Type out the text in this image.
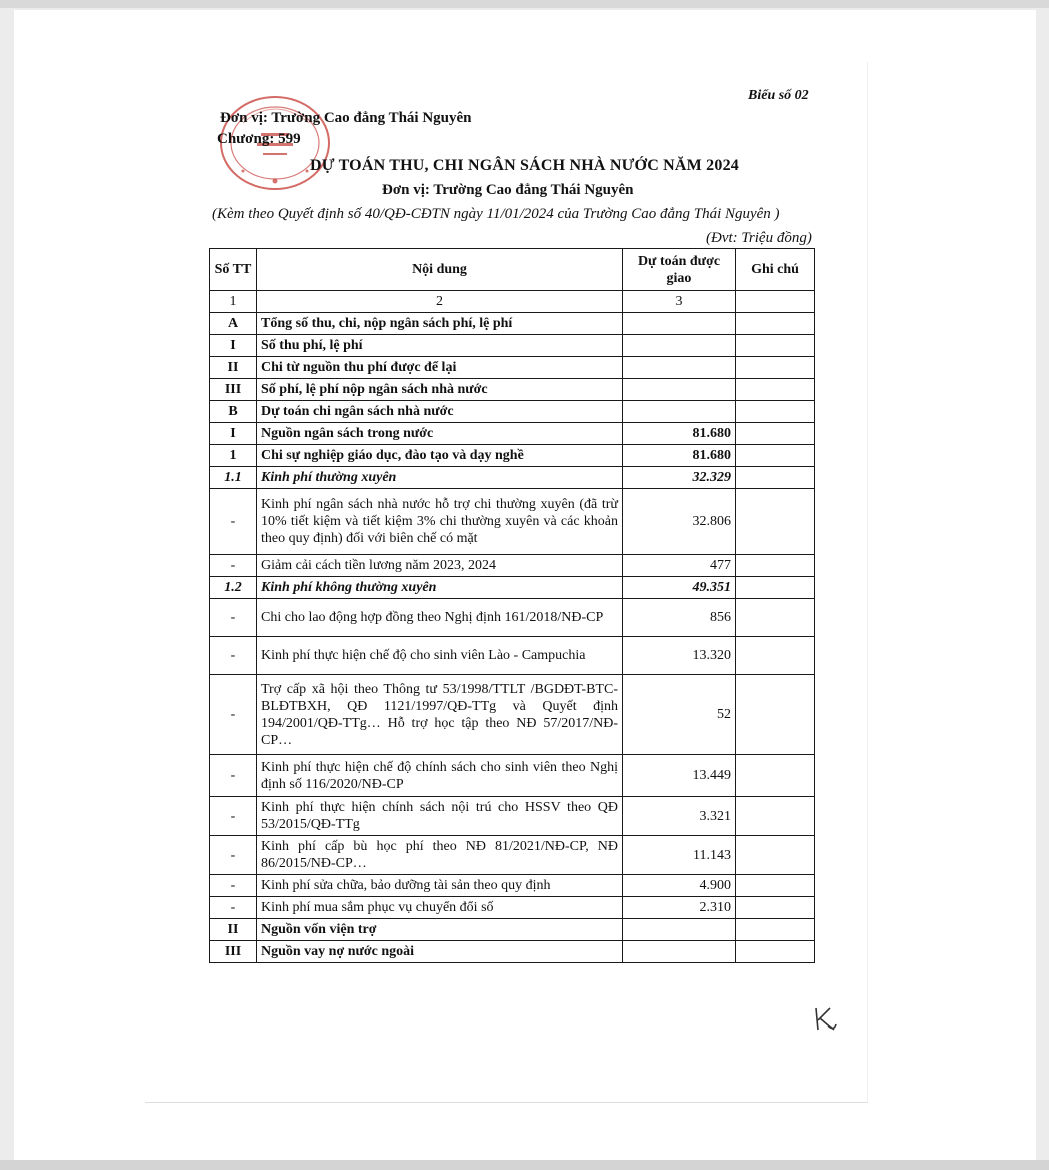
Biểu số 02
Đơn vị: Trường Cao đẳng Thái Nguyên
Chương: 599
DỰ TOÁN THU, CHI NGÂN SÁCH NHÀ NƯỚC NĂM 2024
Đơn vị: Trường Cao đẳng Thái Nguyên
(Kèm theo Quyết định số 40/QĐ-CĐTN ngày 11/01/2024 của Trường Cao đẳng Thái Nguyên )
(Đvt: Triệu đồng)
Số TT	Nội dung	Dự toán được giao	Ghi chú
1	2	3	
A	Tổng số thu, chi, nộp ngân sách phí, lệ phí		
I	Số thu phí, lệ phí		
II	Chi từ nguồn thu phí được để lại		
III	Số phí, lệ phí nộp ngân sách nhà nước		
B	Dự toán chi ngân sách nhà nước		
I	Nguồn ngân sách trong nước	81.680	
1	Chi sự nghiệp giáo dục, đào tạo và dạy nghề	81.680	
1.1	Kinh phí thường xuyên	32.329	
-	Kinh phí ngân sách nhà nước hỗ trợ chi thường xuyên (đã trừ 10% tiết kiệm và tiết kiệm 3% chi thường xuyên và các khoản theo quy định) đối với biên chế có mặt	32.806	
-	Giảm cải cách tiền lương năm 2023, 2024	477	
1.2	Kinh phí không thường xuyên	49.351	
-	Chi cho lao động hợp đồng theo Nghị định 161/2018/NĐ-CP	856	
-	Kinh phí thực hiện chế độ cho sinh viên Lào - Campuchia	13.320	
-	Trợ cấp xã hội theo Thông tư 53/1998/TTLT /BGDĐT-BTC-BLĐTBXH, QĐ 1121/1997/QĐ-TTg và Quyết định 194/2001/QĐ-TTg… Hỗ trợ học tập theo NĐ 57/2017/NĐ-CP…	52	
-	Kinh phí thực hiện chế độ chính sách cho sinh viên theo Nghị định số 116/2020/NĐ-CP	13.449	
-	Kinh phí thực hiện chính sách nội trú cho HSSV theo QĐ 53/2015/QĐ-TTg	3.321	
-	Kinh phí cấp bù học phí theo NĐ 81/2021/NĐ-CP, NĐ 86/2015/NĐ-CP…	11.143	
-	Kinh phí sửa chữa, bảo dưỡng tài sản theo quy định	4.900	
-	Kinh phí mua sắm phục vụ chuyển đổi số	2.310	
II	Nguồn vốn viện trợ		
III	Nguồn vay nợ nước ngoài		
